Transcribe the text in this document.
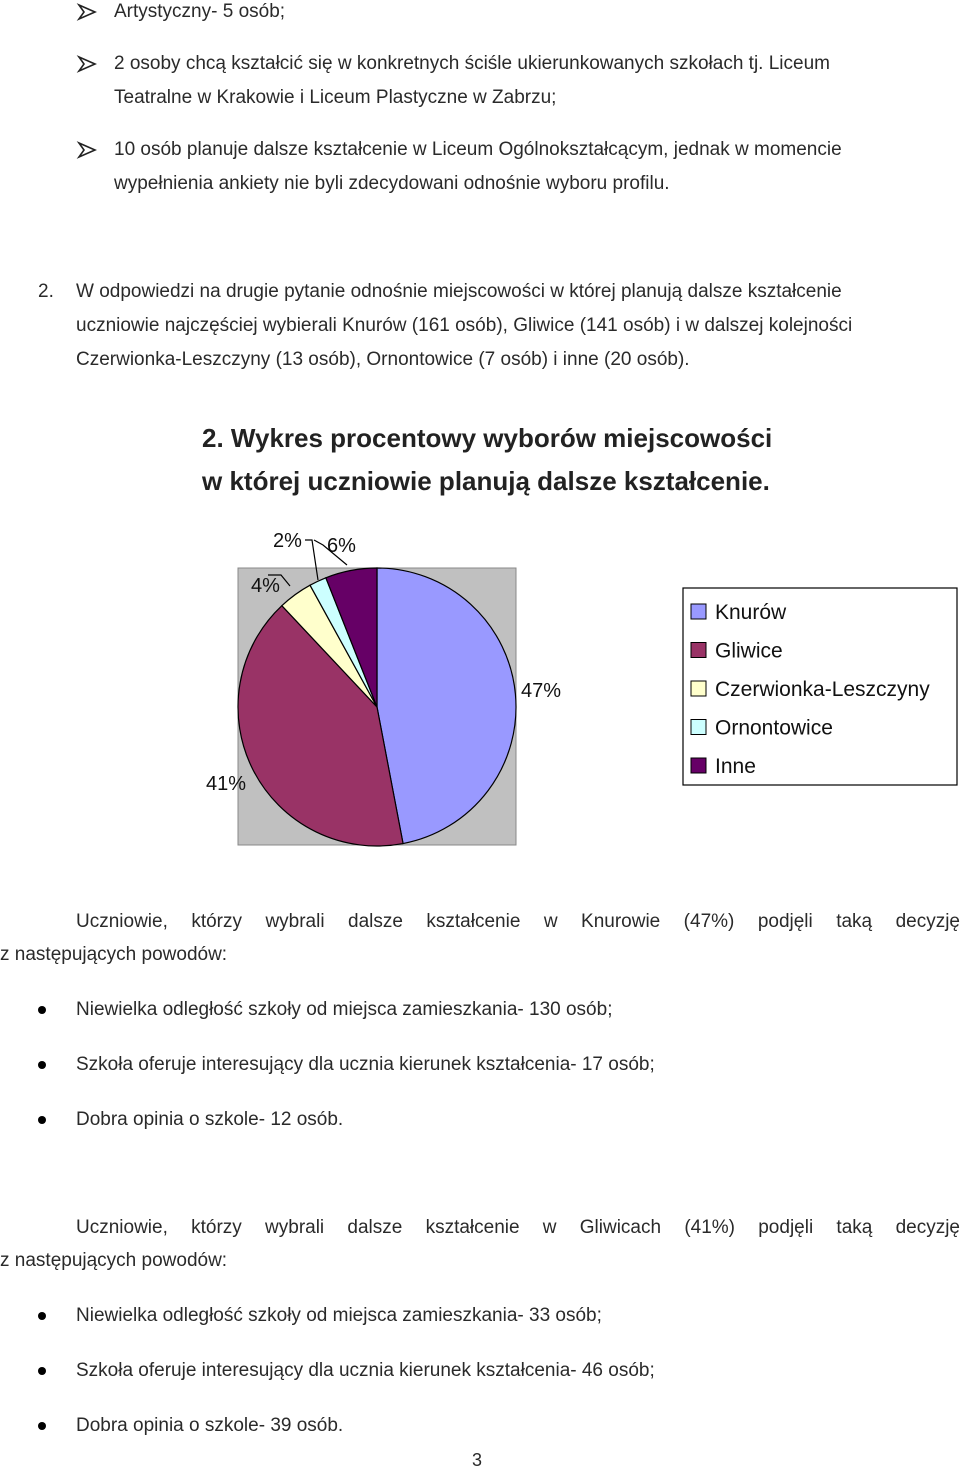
Artystyczny- 5 osób;
2 osoby chcą kształcić się w konkretnych ściśle ukierunkowanych szkołach tj. Liceum
Teatralne w Krakowie i Liceum Plastyczne w Zabrzu;
10 osób planuje dalsze kształcenie w Liceum Ogólnokształcącym, jednak w momencie
wypełnienia ankiety nie byli zdecydowani odnośnie wyboru profilu.
2. W odpowiedzi na drugie pytanie odnośnie miejscowości w której planują dalsze kształcenie
uczniowie najczęściej wybierali Knurów (161 osób), Gliwice (141 osób) i w dalszej kolejności
Czerwionka-Leszczyny (13 osób), Ornontowice (7 osób) i inne (20 osób).
2. Wykres procentowy wyborów miejscowości
w której uczniowie planują dalsze kształcenie.
47%
41%
4%
2% 6%
Knurów
Gliwice
Czerwionka-Leszczyny
Ornontowice
Inne
Uczniowie, którzy wybrali dalsze kształcenie w Knurowie (47%) podjęli taką decyzję
z następujących powodów:
Niewielka odległość szkoły od miejsca zamieszkania- 130 osób;
Szkoła oferuje interesujący dla ucznia kierunek kształcenia- 17 osób;
Dobra opinia o szkole- 12 osób.
Uczniowie, którzy wybrali dalsze kształcenie w Gliwicach (41%) podjęli taką decyzję
z następujących powodów:
Niewielka odległość szkoły od miejsca zamieszkania- 33 osób;
Szkoła oferuje interesujący dla ucznia kierunek kształcenia- 46 osób;
Dobra opinia o szkole- 39 osób.
3
